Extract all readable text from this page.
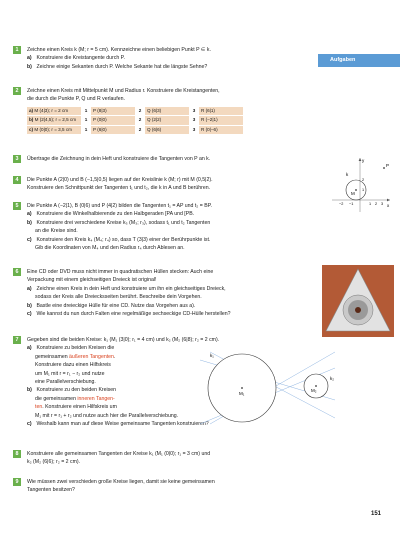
Aufgaben
1 Zeichne einen Kreis k (M; r = 5 cm). Kennzeichne einen beliebigen Punkt P ∈ k.
a) Konstruiere die Kreistangente durch P.
b) Zeichne einige Sekanten durch P. Welche Sekante hat die längste Sehne?
2 Zeichne einen Kreis mit Mittelpunkt M und Radius r. Konstruiere die Kreistangenten,
die durch die Punkte P, Q und R verlaufen.
a) M (4|3); r = 2 cm	1	P (8|3)	2	Q (6|3)	3	R (6|1)
b) M (2|4,5); r = 2,5 cm	1	P (0|0)	2	Q (2|2)	3	R (−2|1)
c) M (0|0); r = 3,5 cm	1	P (6|0)	2	Q (6|6)	3	R (0|−6)
3 Übertrage die Zeichnung in dein Heft und konstruiere die Tangenten von P an k.
k
M
P
y
x
2
1
−2 −1	1 2 3
4 Die Punkte A (2|0) und B (−1,5|0,5) liegen auf der Kreislinie k (M; r) mit M (0,5|2).
Konstruiere den Schnittpunkt der Tangenten t₁ und t₂, die k in A und B berühren.
5 Die Punkte A (−2|1), B (0|6) und P (4|2) bilden die Tangenten t₁ = AP und t₂ = BP.
a) Konstruiere die Winkelhalbierende zu den Halbgeraden [PA und [PB.
b) Konstruiere drei verschiedene Kreise k₃ (M₃; r₃), sodass t₁ und t₂ Tangenten
an die Kreise sind.
c) Konstruiere den Kreis k₄ (M₄; r₄) so, dass T (3|3) einer der Berührpunkte ist.
Gib die Koordinaten von M₄ und den Radius r₄ durch Ablesen an.
6 Eine CD oder DVD muss nicht immer in quadratischen Hüllen stecken: Auch eine
Verpackung mit einem gleichseitigen Dreieck ist original!
a) Zeichne einen Kreis in dein Heft und konstruiere um ihn ein gleichseitiges Dreieck,
sodass der Kreis alle Dreiecksseiten berührt. Beschreibe dein Vorgehen.
b) Bastle eine dreieckige Hülle für eine CD. Nutze das Vorgehen aus a).
c) Wie kannst du nun durch Falten eine regelmäßige sechseckige CD-Hülle herstellen?
7 Gegeben sind die beiden Kreise: k₁ (M₁ (3|0); r₁ = 4 cm) und k₂ (M₂ (6|8); r₂ = 2 cm).
a) Konstruiere zu beiden Kreisen die
gemeinsamen äußeren Tangenten.
Konstruiere dazu einen Hilfskreis
um M₁ mit r = r₁ − r₂ und nutze
eine Parallelverschiebung.
b) Konstruiere zu den beiden Kreisen
die gemeinsamen inneren Tangen-
ten. Konstruiere einen Hilfskreis um
M₁ mit r = r₁ + r₂ und nutze auch hier die Parallelverschiebung.
c) Weshalb kann man auf diese Weise gemeinsame Tangenten konstruieren?
k₁
k₂
M₁
M₂
8 Konstruiere alle gemeinsamen Tangenten der Kreise k₁ (M₁ (0|0); r₁ = 3 cm) und
k₂ (M₂ (6|6); r₂ = 2 cm).
9 Wie müssen zwei verschieden große Kreise liegen, damit sie keine gemeinsamen
Tangenten besitzen?
151
